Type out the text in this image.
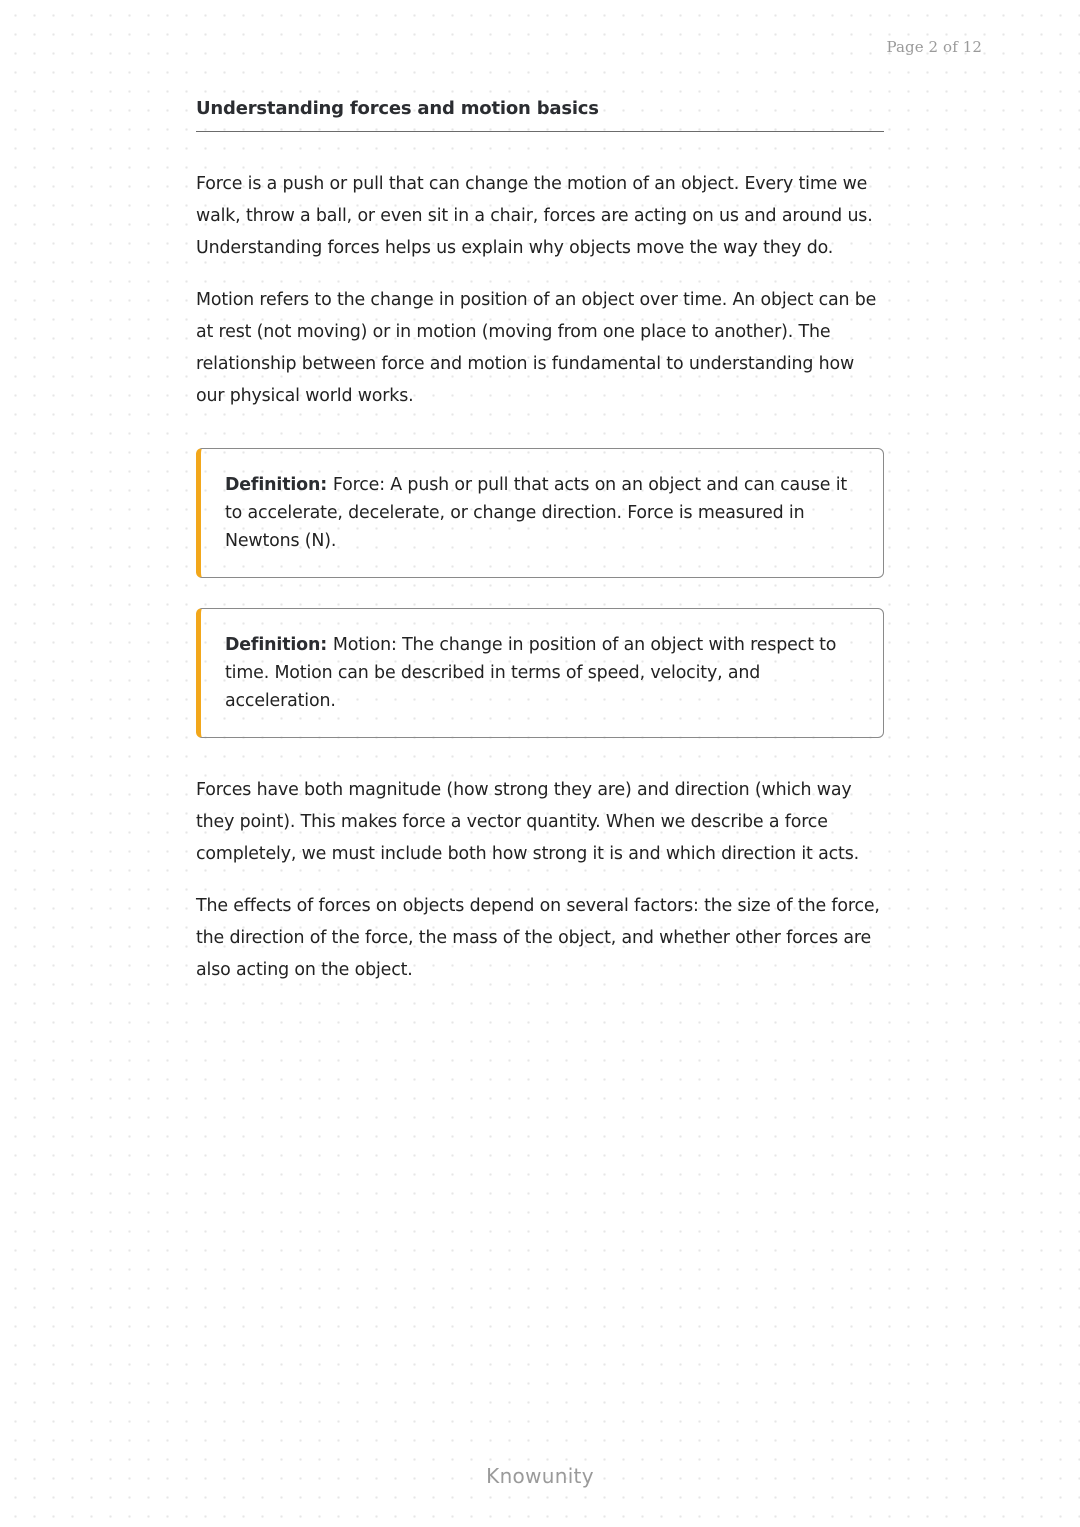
Page 2 of 12
Understanding forces and motion basics

Force is a push or pull that can change the motion of an object. Every time we walk, throw a ball, or even sit in a chair, forces are acting on us and around us. Understanding forces helps us explain why objects move the way they do.

Motion refers to the change in position of an object over time. An object can be at rest (not moving) or in motion (moving from one place to another). The relationship between force and motion is fundamental to understanding how our physical world works.

Definition: Force: A push or pull that acts on an object and can cause it to accelerate, decelerate, or change direction. Force is measured in Newtons (N).
Definition: Motion: The change in position of an object with respect to time. Motion can be described in terms of speed, velocity, and acceleration.

Forces have both magnitude (how strong they are) and direction (which way they point). This makes force a vector quantity. When we describe a force completely, we must include both how strong it is and which direction it acts.

The effects of forces on objects depend on several factors: the size of the force, the direction of the force, the mass of the object, and whether other forces are also acting on the object.

Knowunity
